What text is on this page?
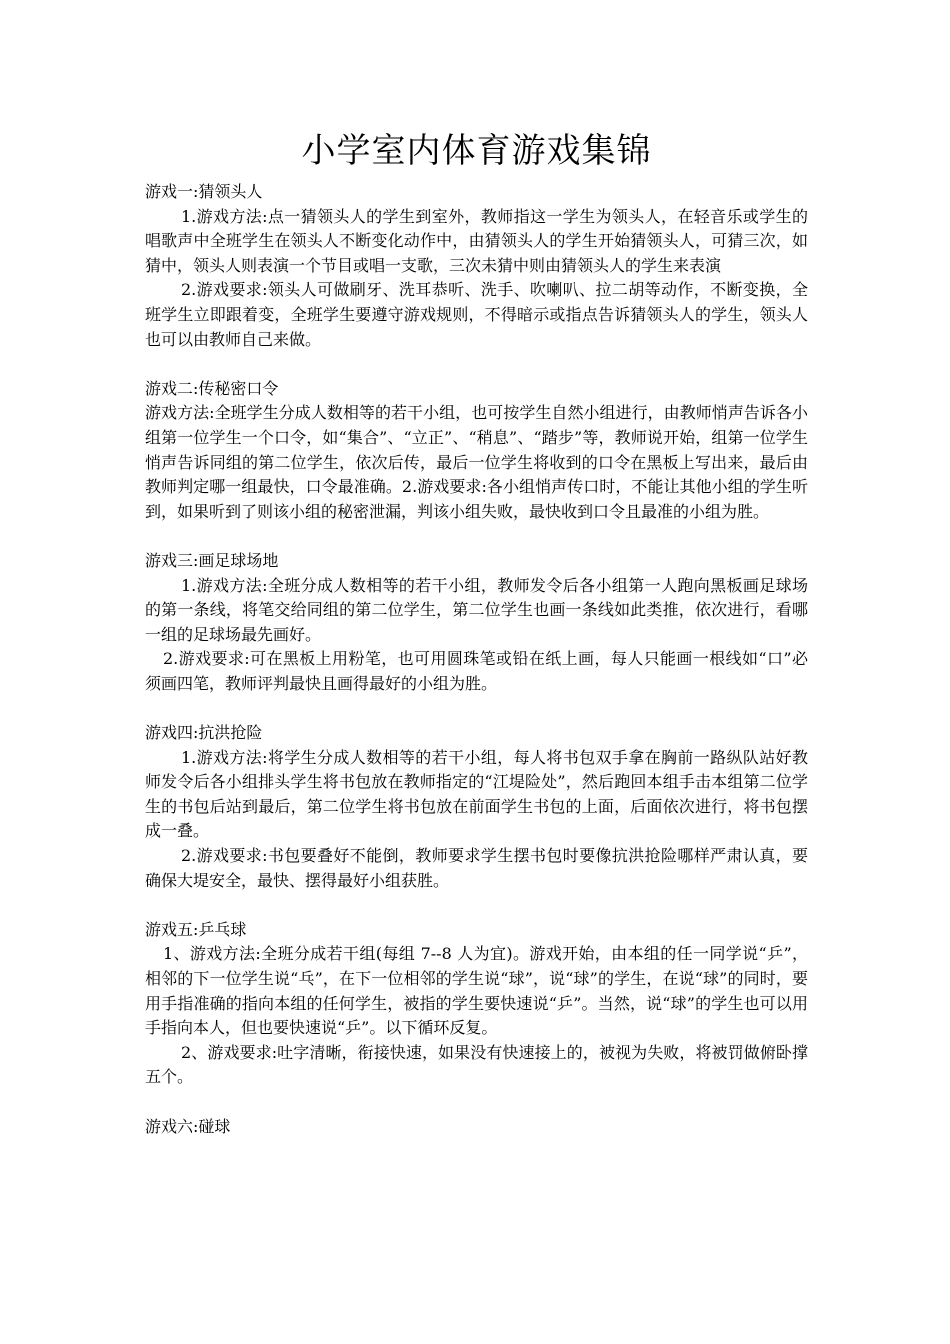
小学室内体育游戏集锦
游戏一:猜领头人

1.游戏方法:点一猜领头人的学生到室外，教师指这一学生为领头人，在轻音乐或学生的唱歌声中全班学生在领头人不断变化动作中，由猜领头人的学生开始猜领头人，可猜三次，如猜中，领头人则表演一个节目或唱一支歌，三次未猜中则由猜领头人的学生来表演

2.游戏要求:领头人可做刷牙、洗耳恭听、洗手、吹喇叭、拉二胡等动作，不断变换，全班学生立即跟着变，全班学生要遵守游戏规则，不得暗示或指点告诉猜领头人的学生，领头人也可以由教师自己来做。

游戏二:传秘密口令

游戏方法:全班学生分成人数相等的若干小组，也可按学生自然小组进行，由教师悄声告诉各小组第一位学生一个口令，如“集合”、“立正”、“稍息”、“踏步”等，教师说开始，组第一位学生悄声告诉同组的第二位学生，依次后传，最后一位学生将收到的口令在黑板上写出来，最后由教师判定哪一组最快，口令最准确。2.游戏要求:各小组悄声传口时，不能让其他小组的学生听到，如果听到了则该小组的秘密泄漏，判该小组失败，最快收到口令且最准的小组为胜。

游戏三:画足球场地

1.游戏方法:全班分成人数相等的若干小组，教师发令后各小组第一人跑向黑板画足球场的第一条线，将笔交给同组的第二位学生，第二位学生也画一条线如此类推，依次进行，看哪一组的足球场最先画好。

2.游戏要求:可在黑板上用粉笔，也可用圆珠笔或铅在纸上画，每人只能画一根线如“口”必须画四笔，教师评判最快且画得最好的小组为胜。

游戏四:抗洪抢险

1.游戏方法:将学生分成人数相等的若干小组，每人将书包双手拿在胸前一路纵队站好教师发令后各小组排头学生将书包放在教师指定的“江堤险处”，然后跑回本组手击本组第二位学生的书包后站到最后，第二位学生将书包放在前面学生书包的上面，后面依次进行，将书包摆成一叠。

2.游戏要求:书包要叠好不能倒，教师要求学生摆书包时要像抗洪抢险哪样严肃认真，要确保大堤安全，最快、摆得最好小组获胜。

游戏五:乒乓球

1、游戏方法:全班分成若干组(每组 7--8 人为宜)。游戏开始，由本组的任一同学说“乒”，相邻的下一位学生说“乓”，在下一位相邻的学生说“球”，说“球”的学生，在说“球”的同时，要用手指准确的指向本组的任何学生，被指的学生要快速说“乒”。当然，说“球”的学生也可以用手指向本人，但也要快速说“乒”。以下循环反复。

2、游戏要求:吐字清晰，衔接快速，如果没有快速接上的，被视为失败，将被罚做俯卧撑五个。

游戏六:碰球
